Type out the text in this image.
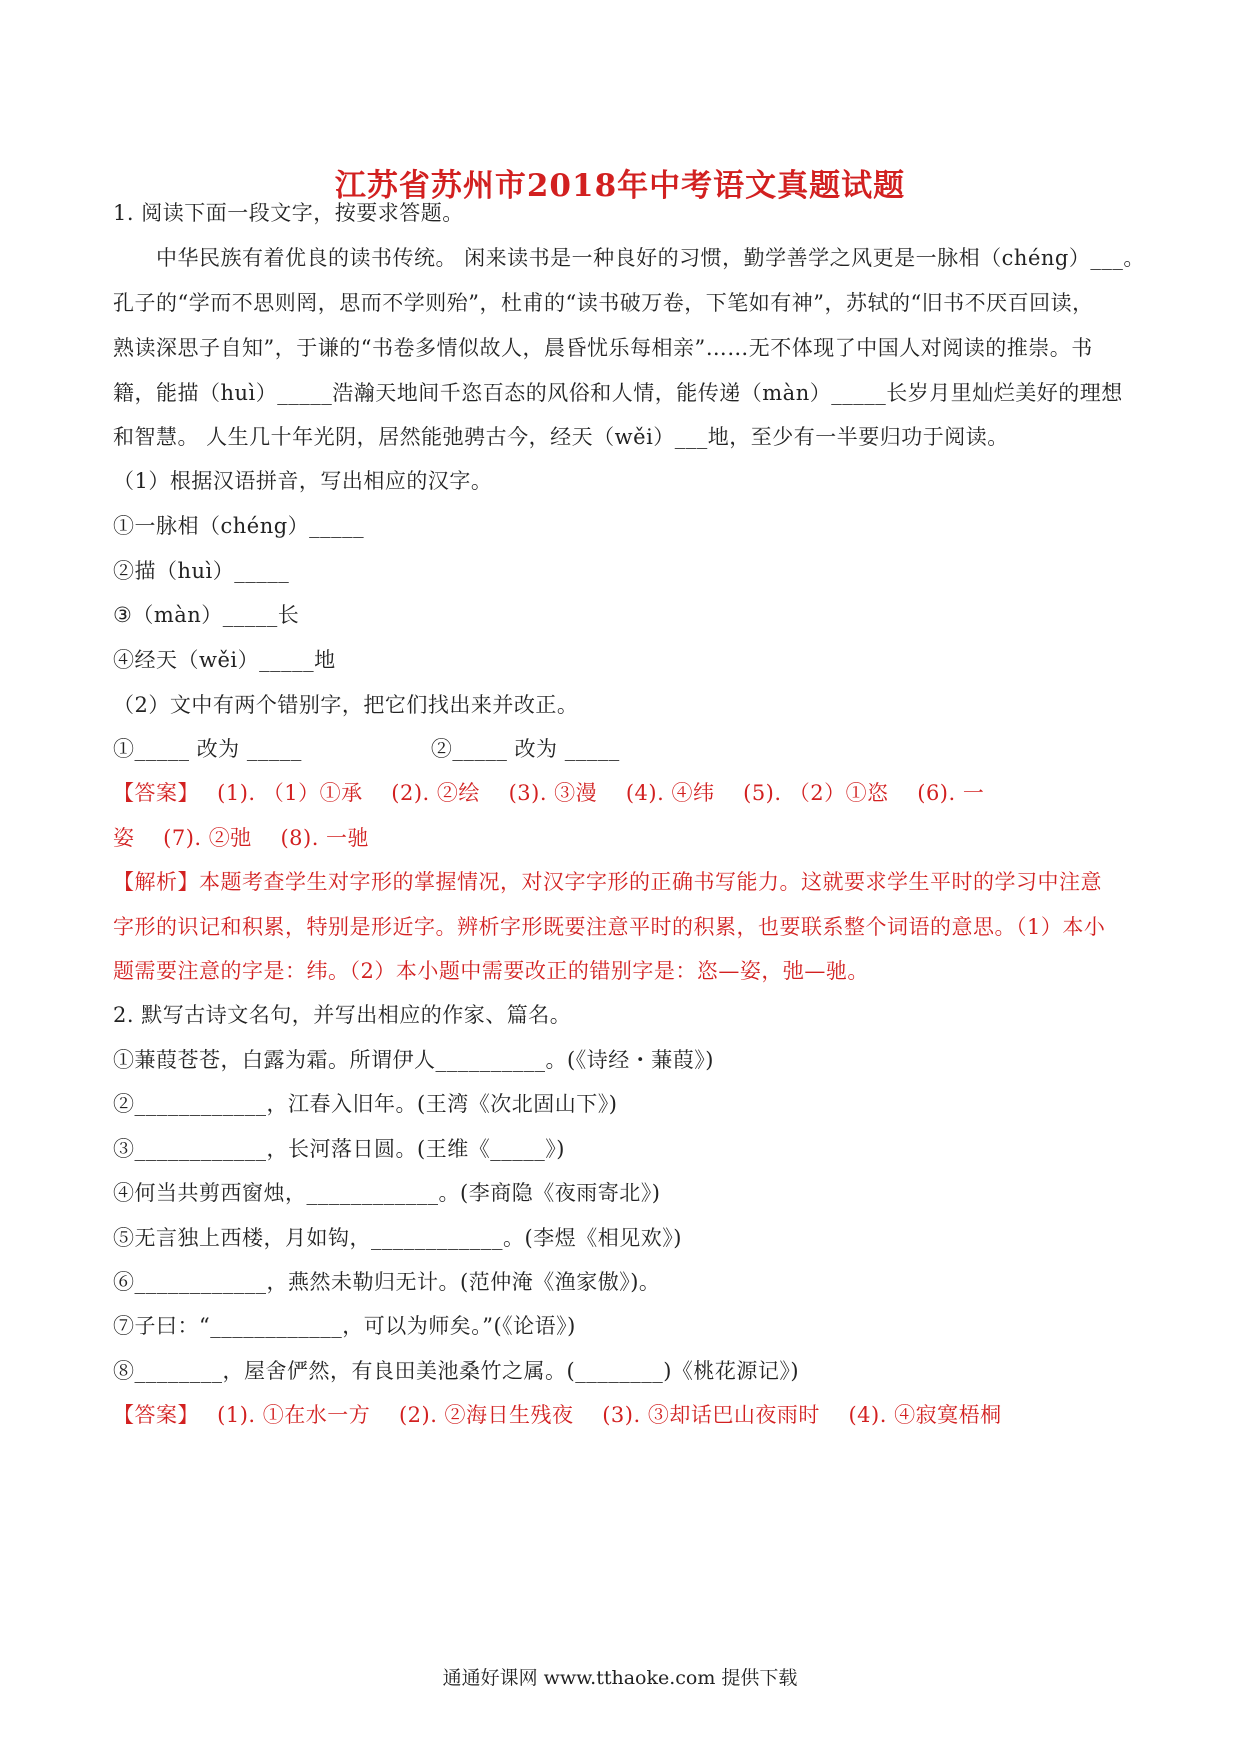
江苏省苏州市2018年中考语文真题试题
1. 阅读下面一段文字，按要求答题。
　　中华民族有着优良的读书传统。 闲来读书是一种良好的习惯，勤学善学之风更是一脉相（chéng）___。
孔子的“学而不思则罔，思而不学则殆”，杜甫的“读书破万卷，下笔如有神”，苏轼的“旧书不厌百回读，
熟读深思子自知”，于谦的“书卷多情似故人，晨昏忧乐每相亲”……无不体现了中国人对阅读的推崇。书
籍，能描（huì）_____浩瀚天地间千恣百态的风俗和人情，能传递（màn）_____长岁月里灿烂美好的理想
和智慧。 人生几十年光阴，居然能弛骋古今，经天（wěi）___地，至少有一半要归功于阅读。
（1）根据汉语拼音，写出相应的汉字。
①一脉相（chéng）_____
②描（huì）_____
③（màn）_____长
④经天（wěi）_____地
（2）文中有两个错别字，把它们找出来并改正。
①_____ 改为 _____　　　　　　②_____ 改为 _____
【答案】　 (1). （1）①承　 (2). ②绘　 (3). ③漫　 (4). ④纬　 (5). （2）①恣　 (6). 一
姿　 (7). ②弛　 (8). 一驰
【解析】本题考查学生对字形的掌握情况，对汉字字形的正确书写能力。这就要求学生平时的学习中注意
字形的识记和积累，特别是形近字。辨析字形既要注意平时的积累，也要联系整个词语的意思。（1）本小
题需要注意的字是：纬。（2）本小题中需要改正的错别字是：恣—姿，弛—驰。
2. 默写古诗文名句，并写出相应的作家、篇名。
①蒹葭苍苍，白露为霜。所谓伊人__________。(《诗经・蒹葭》)
②____________，江春入旧年。(王湾《次北固山下》)
③____________，长河落日圆。(王维《_____》)
④何当共剪西窗烛，____________。(李商隐《夜雨寄北》)
⑤无言独上西楼，月如钩，____________。(李煜《相见欢》)
⑥____________，燕然未勒归无计。(范仲淹《渔家傲》)。
⑦子曰：“____________，可以为师矣。”(《论语》)
⑧________，屋舍俨然，有良田美池桑竹之属。(________)《桃花源记》)
【答案】　 (1). ①在水一方　 (2). ②海日生残夜　 (3). ③却话巴山夜雨时　 (4). ④寂寞梧桐
通通好课网 www.tthaoke.com 提供下载
